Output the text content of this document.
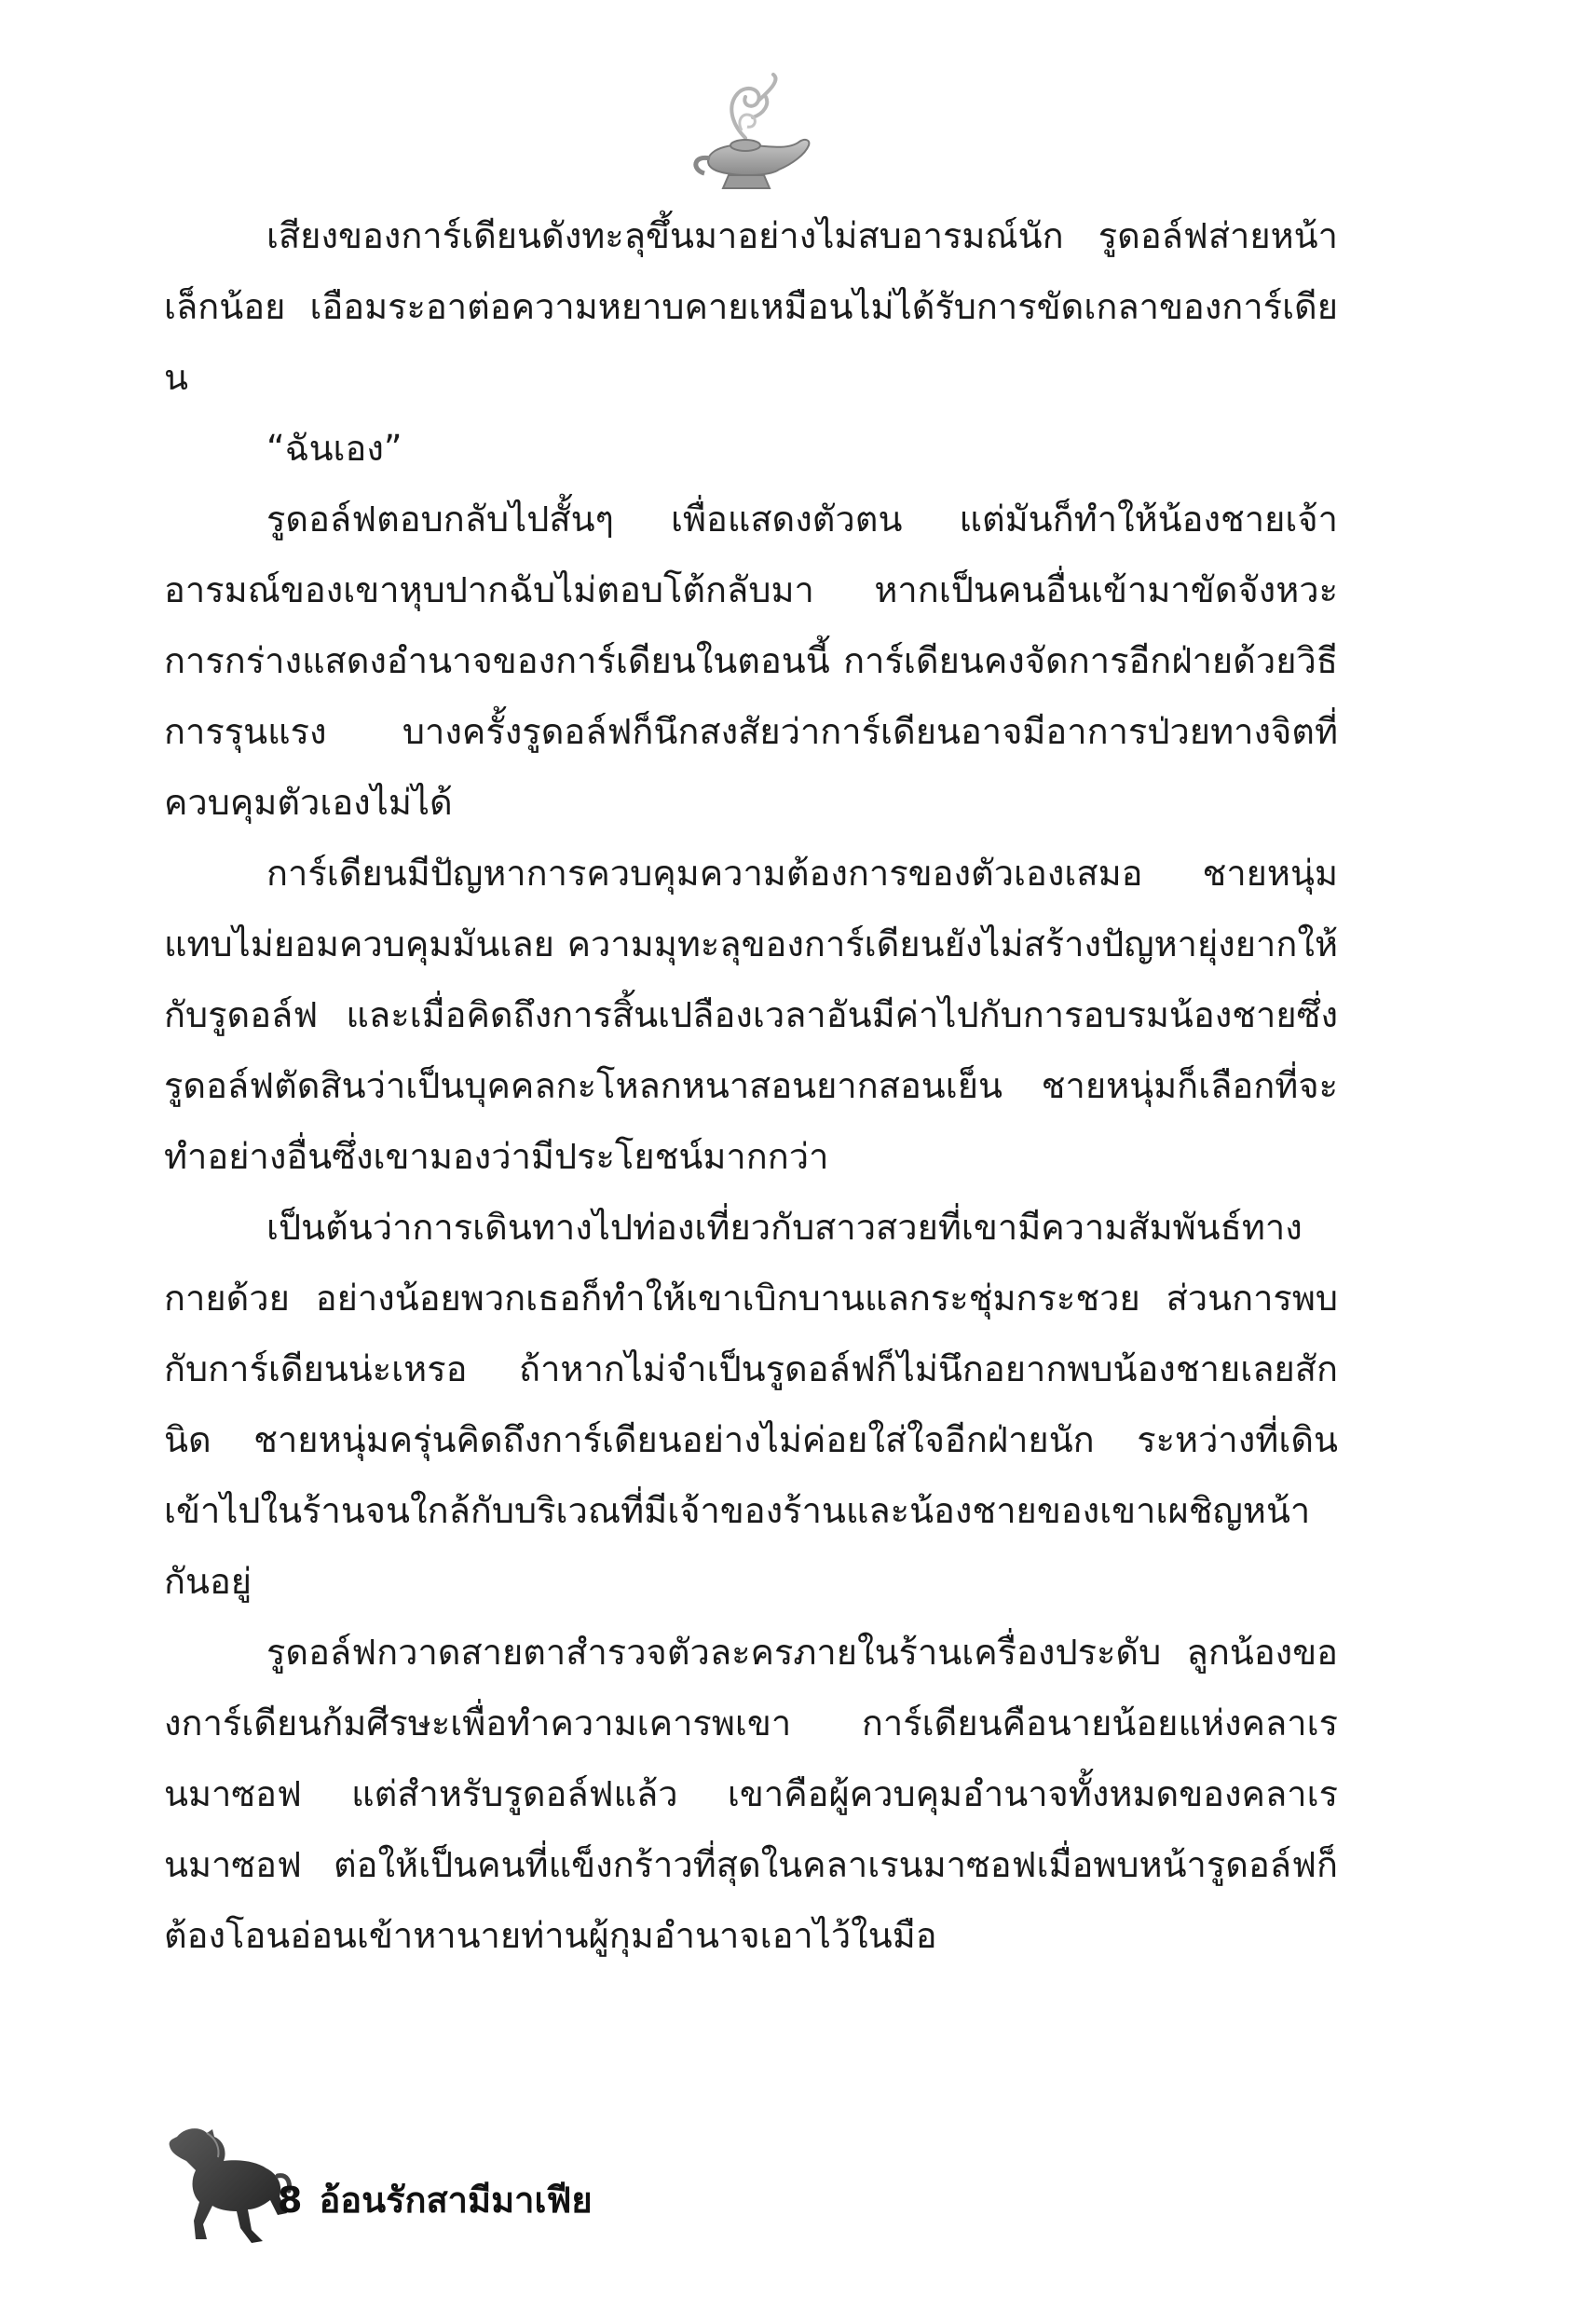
เสียงของการ์เดียนดังทะลุขึ้นมาอย่างไม่สบอารมณ์นัก รูดอล์ฟส่ายหน้าเล็กน้อย เอือมระอาต่อความหยาบคายเหมือนไม่ได้รับการขัดเกลาของการ์เดียน

“ฉันเอง”

รูดอล์ฟตอบกลับไปสั้นๆ เพื่อแสดงตัวตน แต่มันก็ทำให้น้องชายเจ้าอารมณ์ของเขาหุบปากฉับไม่ตอบโต้กลับมา หากเป็นคนอื่นเข้ามาขัดจังหวะการกร่างแสดงอำนาจของการ์เดียนในตอนนี้ การ์เดียนคงจัดการอีกฝ่ายด้วยวิธีการรุนแรง บางครั้งรูดอล์ฟก็นึกสงสัยว่าการ์เดียนอาจมีอาการป่วยทางจิตที่ควบคุมตัวเองไม่ได้

การ์เดียนมีปัญหาการควบคุมความต้องการของตัวเองเสมอ ชายหนุ่มแทบไม่ยอมควบคุมมันเลย ความมุทะลุของการ์เดียนยังไม่สร้างปัญหายุ่งยากให้กับรูดอล์ฟ และเมื่อคิดถึงการสิ้นเปลืองเวลาอันมีค่าไปกับการอบรมน้องชายซึ่งรูดอล์ฟตัดสินว่าเป็นบุคคลกะโหลกหนาสอนยากสอนเย็น ชายหนุ่มก็เลือกที่จะทำอย่างอื่นซึ่งเขามองว่ามีประโยชน์มากกว่า

เป็นต้นว่าการเดินทางไปท่องเที่ยวกับสาวสวยที่เขามีความสัมพันธ์ทางกายด้วย อย่างน้อยพวกเธอก็ทำให้เขาเบิกบานแลกระชุ่มกระชวย ส่วนการพบกับการ์เดียนน่ะเหรอ ถ้าหากไม่จำเป็นรูดอล์ฟก็ไม่นึกอยากพบน้องชายเลยสักนิด ชายหนุ่มครุ่นคิดถึงการ์เดียนอย่างไม่ค่อยใส่ใจอีกฝ่ายนัก ระหว่างที่เดินเข้าไปในร้านจนใกล้กับบริเวณที่มีเจ้าของร้านและน้องชายของเขาเผชิญหน้ากันอยู่

รูดอล์ฟกวาดสายตาสำรวจตัวละครภายในร้านเครื่องประดับ ลูกน้องของการ์เดียนก้มศีรษะเพื่อทำความเคารพเขา การ์เดียนคือนายน้อยแห่งคลาเรนมาซอฟ แต่สำหรับรูดอล์ฟแล้ว เขาคือผู้ควบคุมอำนาจทั้งหมดของคลาเรนมาซอฟ ต่อให้เป็นคนที่แข็งกร้าวที่สุดในคลาเรนมาซอฟเมื่อพบหน้ารูดอล์ฟก็ต้องโอนอ่อนเข้าหานายท่านผู้กุมอำนาจเอาไว้ในมือ

8 อ้อนรักสามีมาเฟีย
